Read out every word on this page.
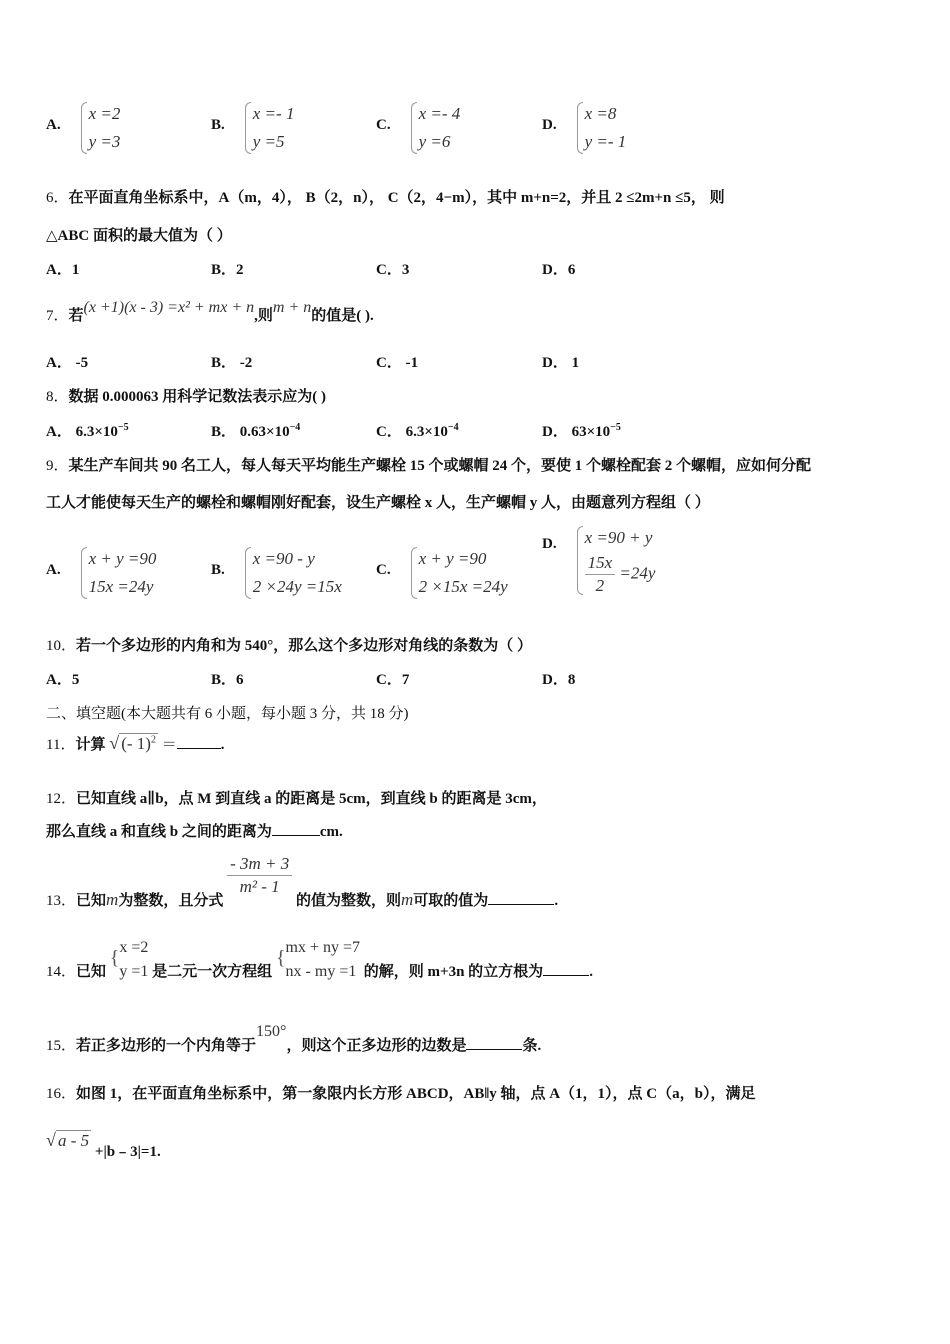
A.
x =2
y =3
B.
x =- 1
y =5
C.
x =- 4
y =6
D.
x =8
y =- 1
6．在平面直角坐标系中，A（m，4）， B（2，n）， C（2，4−m），其中 m+n=2，并且 2 ≤2m+n ≤5， 则
△ABC 面积的最大值为（ ）
A．1	B．2	C．3	D．6
7．若(x +1)(x - 3) =x² + mx + n,则m + n的值是( ).
A． -5	B． -2	C． -1	D． 1
8．数据 0.000063 用科学记数法表示应为( )
A． $6.3\times 10^{-5}$	B． $0.63\times 10^{-4}$	C． $6.3\times 10^{-4}$	D． $63\times 10^{-5}$
9．某生产车间共 90 名工人，每人每天平均能生产螺栓 15 个或螺帽 24 个，要使 1 个螺栓配套 2 个螺帽，应如何分配
工人才能使每天生产的螺栓和螺帽刚好配套，设生产螺栓 x 人，生产螺帽 y 人，由题意列方程组（ ）
A.
x + y =90
15x =24y
B.
x =90 - y
2 ×24y =15x
C.
x + y =90
2 ×15x =24y
D. x =90 + y
$\frac{15x}{2} =24y$
10．若一个多边形的内角和为 540°，那么这个多边形对角线的条数为（ ）
A．5	B．6	C．7	D．8
二、填空题(本大题共有 6 小题，每小题 3 分，共 18 分)
11．计算 √ (- 1)$^2$ ＝	.
12．已知直线 a∥b，点 M 到直线 a 的距离是 5cm，到直线 b 的距离是 3cm，
那么直线 a 和直线 b 之间的距离为	cm.
13．已知m为整数，且分式
$\frac{- 3m + 3}{\text{m² - 1}}$
的值为整数，则m可取的值为	.
14．已知 { x =2
y =1 是二元一次方程组 { mx + ny =7
nx - my =1 的解，则 m+3n 的立方根为	.
15．若正多边形的一个内角等于150°，则这个正多边形的边数是	条.
16．如图 1，在平面直角坐标系中，第一象限内长方形 ABCD，AB‖y 轴，点 A（1，1），点 C（a，b），满足
√ a - 5 +|b﹣3|=1.
